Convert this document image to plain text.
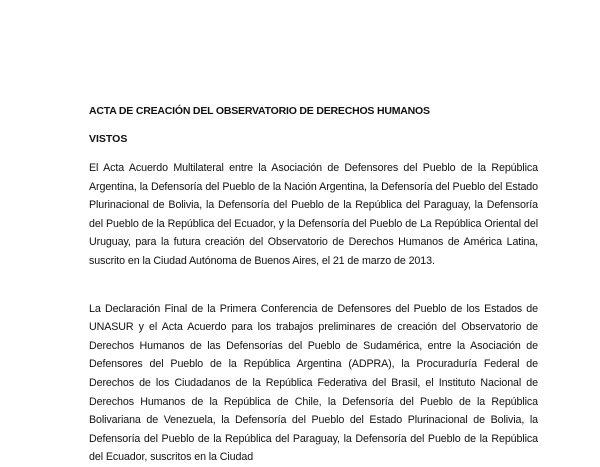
ACTA DE CREACIÓN DEL OBSERVATORIO DE DERECHOS HUMANOS

VISTOS

El Acta Acuerdo Multilateral entre la Asociación de Defensores del Pueblo de la República Argentina, la Defensoría del Pueblo de la Nación Argentina, la Defensoría del Pueblo del Estado Plurinacional de Bolivia, la Defensoría del Pueblo de la República del Paraguay, la Defensoría del Pueblo de la República del Ecuador, y la Defensoría del Pueblo de La República Oriental del Uruguay, para la futura creación del Observatorio de Derechos Humanos de América Latina, suscrito en la Ciudad Autónoma de Buenos Aires, el 21 de marzo de 2013.

La Declaración Final de la Primera Conferencia de Defensores del Pueblo de los Estados de UNASUR y el Acta Acuerdo para los trabajos preliminares de creación del Observatorio de Derechos Humanos de las Defensorías del Pueblo de Sudamérica, entre la Asociación de Defensores del Pueblo de la República Argentina (ADPRA), la Procuraduría Federal de Derechos de los Ciudadanos de la República Federativa del Brasil, el Instituto Nacional de Derechos Humanos de la República de Chile, la Defensoría del Pueblo de la República Bolivariana de Venezuela, la Defensoría del Pueblo del Estado Plurinacional de Bolivia, la Defensoría del Pueblo de la República del Paraguay, la Defensoría del Pueblo de la República del Ecuador, suscritos en la Ciudad
